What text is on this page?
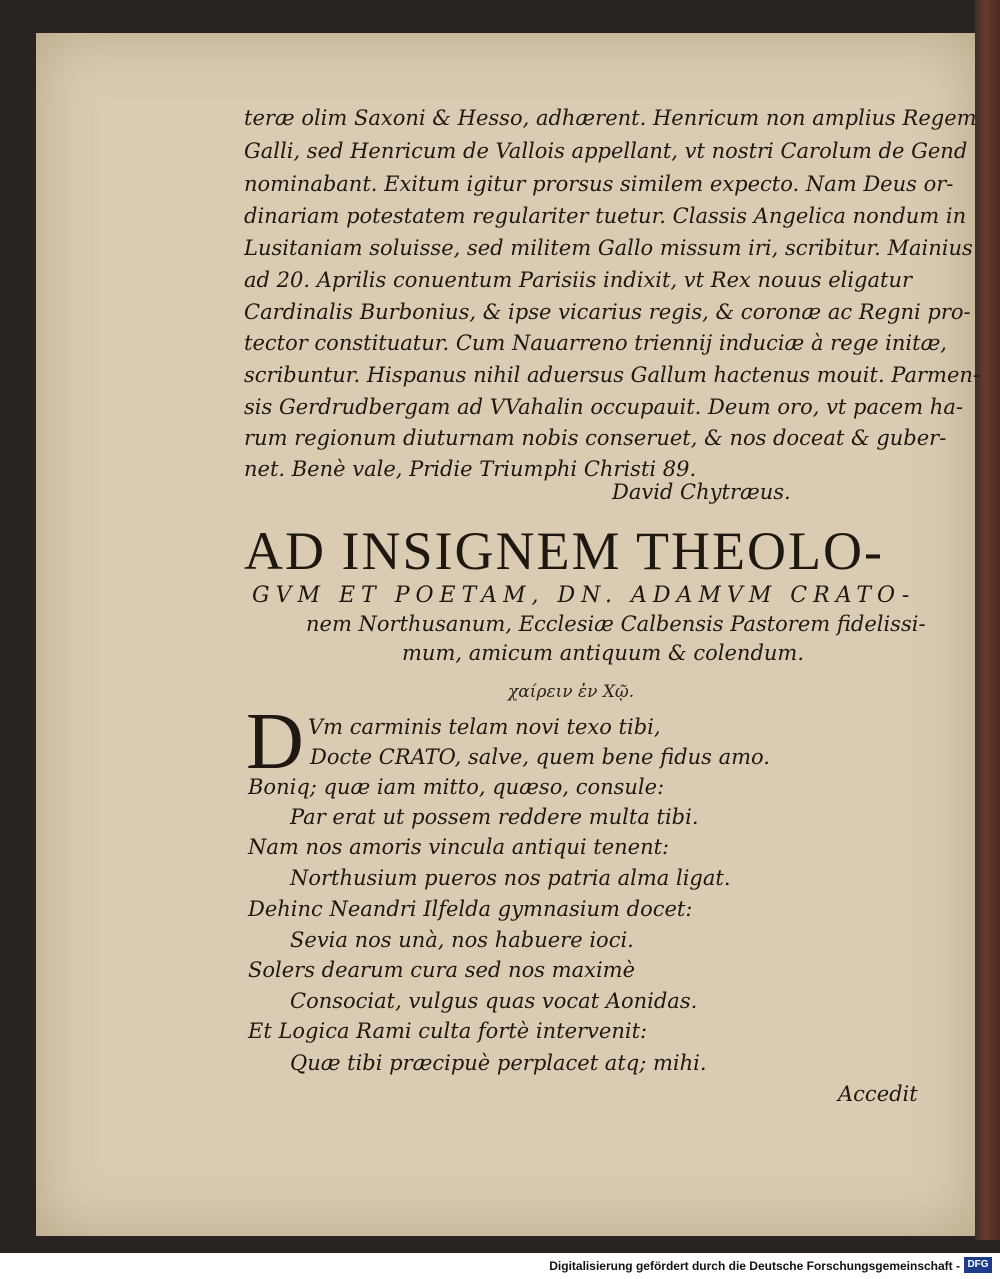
teræ olim Saxoni & Hesso, adhærent. Henricum non amplius Regem
Galli, sed Henricum de Vallois appellant, vt nostri Carolum de Gend
nominabant. Exitum igitur prorsus similem expecto. Nam Deus or-
dinariam potestatem regulariter tuetur. Classis Angelica nondum in
Lusitaniam soluisse, sed militem Gallo missum iri, scribitur. Mainius
ad 20. Aprilis conuentum Parisiis indixit, vt Rex nouus eligatur
Cardinalis Burbonius, & ipse vicarius regis, & coronæ ac Regni pro-
tector constituatur. Cum Nauarreno triennij induciæ à rege initæ,
scribuntur. Hispanus nihil aduersus Gallum hactenus mouit. Parmen-
sis Gerdrudbergam ad VVahalin occupauit. Deum oro, vt pacem ha-
rum regionum diuturnam nobis conseruet, & nos doceat & guber-
net. Benè vale, Pridie Triumphi Christi 89.
David Chytræus.
AD INSIGNEM THEOLO-
GVM ET POETAM, DN. ADAMVM CRATO-
nem Northusanum, Ecclesiæ Calbensis Pastorem fidelissi-
mum, amicum antiquum & colendum.
χαίρειν ἐν Χῷ.
D Vm carminis telam novi texo tibi,
Docte CRATO, salve, quem bene fidus amo.
Boniq; quæ iam mitto, quæso, consule:
Par erat ut possem reddere multa tibi.
Nam nos amoris vincula antiqui tenent:
Northusium pueros nos patria alma ligat.
Dehinc Neandri Ilfelda gymnasium docet:
Sevia nos unà, nos habuere ioci.
Solers dearum cura sed nos maximè
Consociat, vulgus quas vocat Aonidas.
Et Logica Rami culta fortè intervenit:
Quæ tibi præcipuè perplacet atq; mihi.
Accedit
Digitalisierung gefördert durch die Deutsche Forschungsgemeinschaft - DFG
